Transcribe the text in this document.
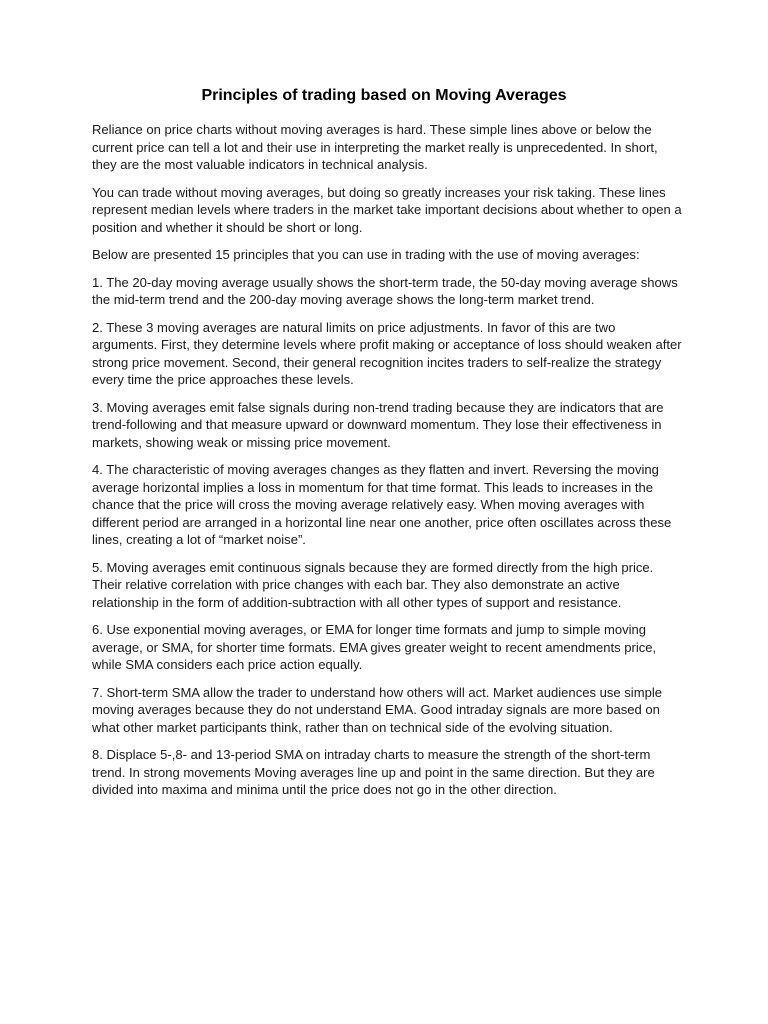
Principles of trading based on Moving Averages

Reliance on price charts without moving averages is hard. These simple lines above or below the current price can tell a lot and their use in interpreting the market really is unprecedented. In short, they are the most valuable indicators in technical analysis.

You can trade without moving averages, but doing so greatly increases your risk taking. These lines represent median levels where traders in the market take important decisions about whether to open a position and whether it should be short or long.

Below are presented 15 principles that you can use in trading with the use of moving averages:

1. The 20-day moving average usually shows the short-term trade, the 50-day moving average shows the mid-term trend and the 200-day moving average shows the long-term market trend.

2. These 3 moving averages are natural limits on price adjustments. In favor of this are two arguments. First, they determine levels where profit making or acceptance of loss should weaken after strong price movement. Second, their general recognition incites traders to self-realize the strategy every time the price approaches these levels.

3. Moving averages emit false signals during non-trend trading because they are indicators that are trend-following and that measure upward or downward momentum. They lose their effectiveness in markets, showing weak or missing price movement.

4. The characteristic of moving averages changes as they flatten and invert. Reversing the moving average horizontal implies a loss in momentum for that time format. This leads to increases in the chance that the price will cross the moving average relatively easy. When moving averages with different period are arranged in a horizontal line near one another, price often oscillates across these lines, creating a lot of “market noise”.

5. Moving averages emit continuous signals because they are formed directly from the high price. Their relative correlation with price changes with each bar. They also demonstrate an active relationship in the form of addition-subtraction with all other types of support and resistance.

6. Use exponential moving averages, or EMA for longer time formats and jump to simple moving average, or SMA, for shorter time formats. EMA gives greater weight to recent amendments price, while SMA considers each price action equally.

7. Short-term SMA allow the trader to understand how others will act. Market audiences use simple moving averages because they do not understand EMA. Good intraday signals are more based on what other market participants think, rather than on technical side of the evolving situation.

8. Displace 5-,8- and 13-period SMA on intraday charts to measure the strength of the short-term trend. In strong movements Moving averages line up and point in the same direction. But they are divided into maxima and minima until the price does not go in the other direction.
